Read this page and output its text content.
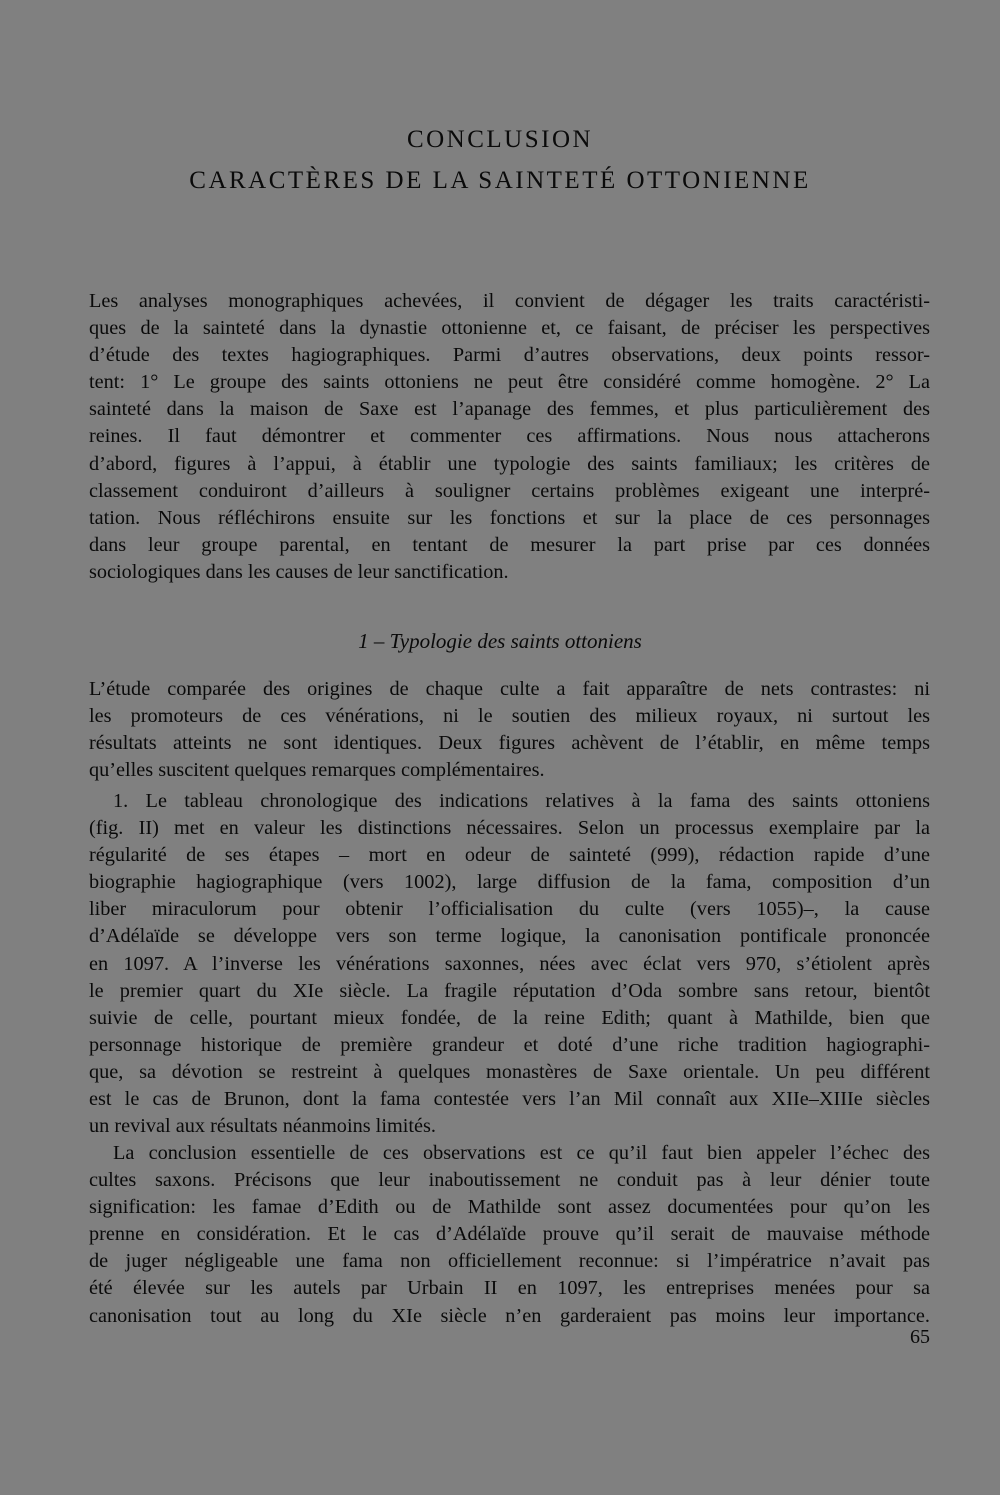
CONCLUSION
CARACTÈRES DE LA SAINTETÉ OTTONIENNE

Les analyses monographiques achevées, il convient de dégager les traits caractéristi-
ques de la sainteté dans la dynastie ottonienne et, ce faisant, de préciser les perspectives
d’étude des textes hagiographiques. Parmi d’autres observations, deux points ressor-
tent: 1° Le groupe des saints ottoniens ne peut être considéré comme homogène. 2° La
sainteté dans la maison de Saxe est l’apanage des femmes, et plus particulièrement des
reines. Il faut démontrer et commenter ces affirmations. Nous nous attacherons
d’abord, figures à l’appui, à établir une typologie des saints familiaux; les critères de
classement conduiront d’ailleurs à souligner certains problèmes exigeant une interpré-
tation. Nous réfléchirons ensuite sur les fonctions et sur la place de ces personnages
dans leur groupe parental, en tentant de mesurer la part prise par ces données
sociologiques dans les causes de leur sanctification.

1 – Typologie des saints ottoniens

L’étude comparée des origines de chaque culte a fait apparaître de nets contrastes: ni
les promoteurs de ces vénérations, ni le soutien des milieux royaux, ni surtout les
résultats atteints ne sont identiques. Deux figures achèvent de l’établir, en même temps
qu’elles suscitent quelques remarques complémentaires.

1. Le tableau chronologique des indications relatives à la fama des saints ottoniens
(fig. II) met en valeur les distinctions nécessaires. Selon un processus exemplaire par la
régularité de ses étapes – mort en odeur de sainteté (999), rédaction rapide d’une
biographie hagiographique (vers 1002), large diffusion de la fama, composition d’un
liber miraculorum pour obtenir l’officialisation du culte (vers 1055)–, la cause
d’Adélaïde se développe vers son terme logique, la canonisation pontificale prononcée
en 1097. A l’inverse les vénérations saxonnes, nées avec éclat vers 970, s’étiolent après
le premier quart du XIe siècle. La fragile réputation d’Oda sombre sans retour, bientôt
suivie de celle, pourtant mieux fondée, de la reine Edith; quant à Mathilde, bien que
personnage historique de première grandeur et doté d’une riche tradition hagiographi-
que, sa dévotion se restreint à quelques monastères de Saxe orientale. Un peu différent
est le cas de Brunon, dont la fama contestée vers l’an Mil connaît aux XIIe–XIIIe siècles
un revival aux résultats néanmoins limités.

La conclusion essentielle de ces observations est ce qu’il faut bien appeler l’échec des
cultes saxons. Précisons que leur inaboutissement ne conduit pas à leur dénier toute
signification: les famae d’Edith ou de Mathilde sont assez documentées pour qu’on les
prenne en considération. Et le cas d’Adélaïde prouve qu’il serait de mauvaise méthode
de juger négligeable une fama non officiellement reconnue: si l’impératrice n’avait pas
été élevée sur les autels par Urbain II en 1097, les entreprises menées pour sa
canonisation tout au long du XIe siècle n’en garderaient pas moins leur importance.

65
